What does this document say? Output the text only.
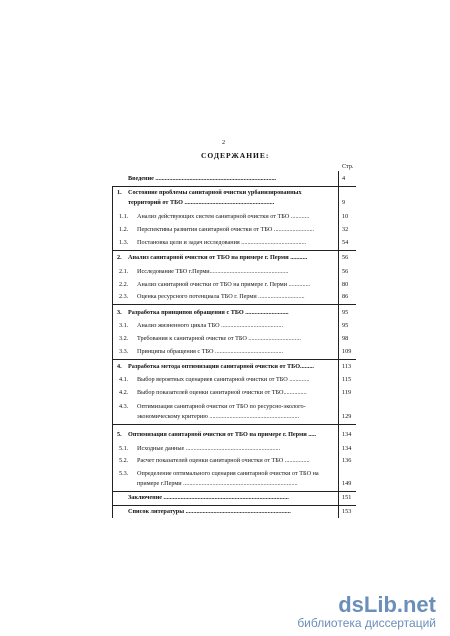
2
СОДЕРЖАНИЕ:
Стр.
Введение ..............................................................................	4
1. Состояние проблемы санитарной очистки урбанизированных
территорий от ТБО ..........................................................	9
1.1. Анализ действующих систем санитарной очистки от ТБО ............	10
1.2. Перспективы развития санитарной очистки от ТБО ..........................	32
1.3. Постановка цели и задач исследования ..........................................	54
2. Анализ санитарной очистки от ТБО на примере г. Перми ...........	56
2.1. Исследование ТБО г.Перми...................................................	56
2.2. Анализ санитарной очистки от ТБО на примере г. Перми ..............	80
2.3. Оценка ресурсного потенциала ТБО г. Перми ..............................	86
3. Разработка принципов обращения с ТБО ............................	95
3.1. Анализ жизненного цикла ТБО ........................................	95
3.2. Требования к санитарной очистке от ТБО ..................................	98
3.3. Принципы обращения с ТБО ............................................	109
4. Разработка метода оптимизации санитарной очистки от ТБО.........	113
4.1. Выбор вероятных сценариев санитарной очистки от ТБО .............	115
4.2. Выбор показателей оценки санитарной очистки от ТБО...............	119
4.3. Оптимизация санитарной очистки от ТБО по ресурсно-эколого-
экономическому критерию ..........................................................	129
5. Оптимизация санитарной очистки от ТБО на примере г. Перми .....	134
5.1. Исходные данные .............................................................	134
5.2. Расчет показателей оценки санитарной очистки от ТБО ................	136
5.3. Определение оптимального сценария санитарной очистки от ТБО на
примере г.Перми ..........................................................................	149
Заключение .................................................................................	151
Список литературы ....................................................................	153
dsLib.net
библиотека диссертаций
